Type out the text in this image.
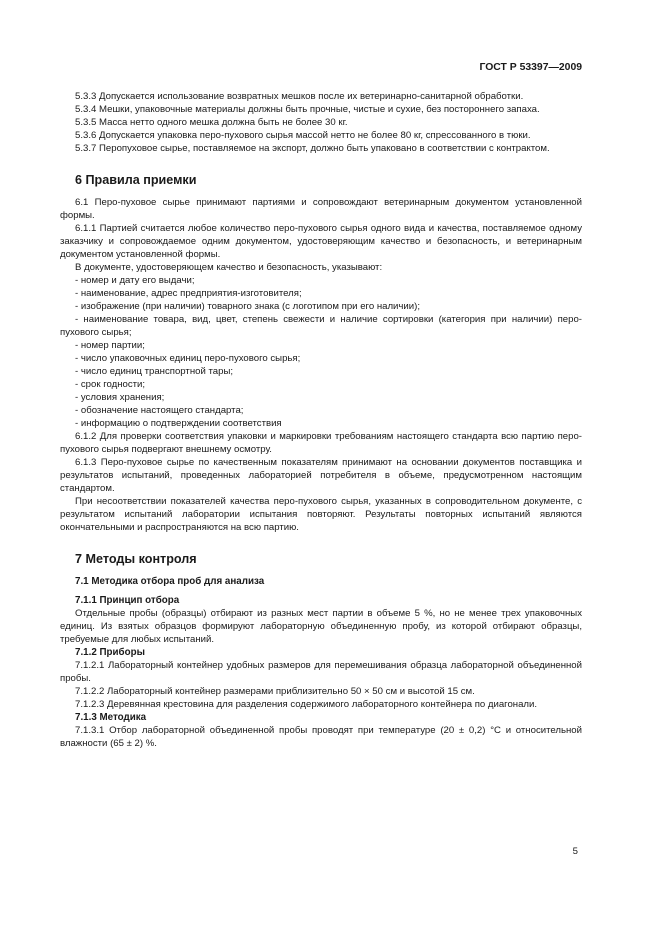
ГОСТ Р 53397—2009

5.3.3 Допускается использование возвратных мешков после их ветеринарно-санитарной обработки.

5.3.4 Мешки, упаковочные материалы должны быть прочные, чистые и сухие, без постороннего запаха.

5.3.5 Масса нетто одного мешка должна быть не более 30 кг.

5.3.6 Допускается упаковка перо-пухового сырья массой нетто не более 80 кг, спрессованного в тюки.

5.3.7 Перопуховое сырье, поставляемое на экспорт, должно быть упаковано в соответствии с контрактом.

6 Правила приемки

6.1 Перо-пуховое сырье принимают партиями и сопровождают ветеринарным документом установленной формы.

6.1.1 Партией считается любое количество перо-пухового сырья одного вида и качества, поставляемое одному заказчику и сопровождаемое одним документом, удостоверяющим качество и безопасность, и ветеринарным документом установленной формы.

В документе, удостоверяющем качество и безопасность, указывают:

- номер и дату его выдачи;
- наименование, адрес предприятия-изготовителя;
- изображение (при наличии) товарного знака (с логотипом при его наличии);
- наименование товара, вид, цвет, степень свежести и наличие сортировки (категория при наличии) перо-пухового сырья;
- номер партии;
- число упаковочных единиц перо-пухового сырья;
- число единиц транспортной тары;
- срок годности;
- условия хранения;
- обозначение настоящего стандарта;
- информацию о подтверждении соответствия

6.1.2 Для проверки соответствия упаковки и маркировки требованиям настоящего стандарта всю партию перо-пухового сырья подвергают внешнему осмотру.

6.1.3 Перо-пуховое сырье по качественным показателям принимают на основании документов поставщика и результатов испытаний, проведенных лабораторией потребителя в объеме, предусмотренном настоящим стандартом.

При несоответствии показателей качества перо-пухового сырья, указанных в сопроводительном документе, с результатом испытаний лаборатории испытания повторяют. Результаты повторных испытаний являются окончательными и распространяются на всю партию.

7 Методы контроля
7.1 Методика отбора проб для анализа
7.1.1 Принцип отбора

Отдельные пробы (образцы) отбирают из разных мест партии в объеме 5 %, но не менее трех упаковочных единиц. Из взятых образцов формируют лабораторную объединенную пробу, из которой отбирают образцы, требуемые для любых испытаний.

7.1.2 Приборы

7.1.2.1 Лабораторный контейнер удобных размеров для перемешивания образца лабораторной объединенной пробы.

7.1.2.2 Лабораторный контейнер размерами приблизительно 50 × 50 см и высотой 15 см.

7.1.2.3 Деревянная крестовина для разделения содержимого лабораторного контейнера по диагонали.

7.1.3 Методика

7.1.3.1 Отбор лабораторной объединенной пробы проводят при температуре (20 ± 0,2) °С и относительной влажности (65 ± 2) %.

5
